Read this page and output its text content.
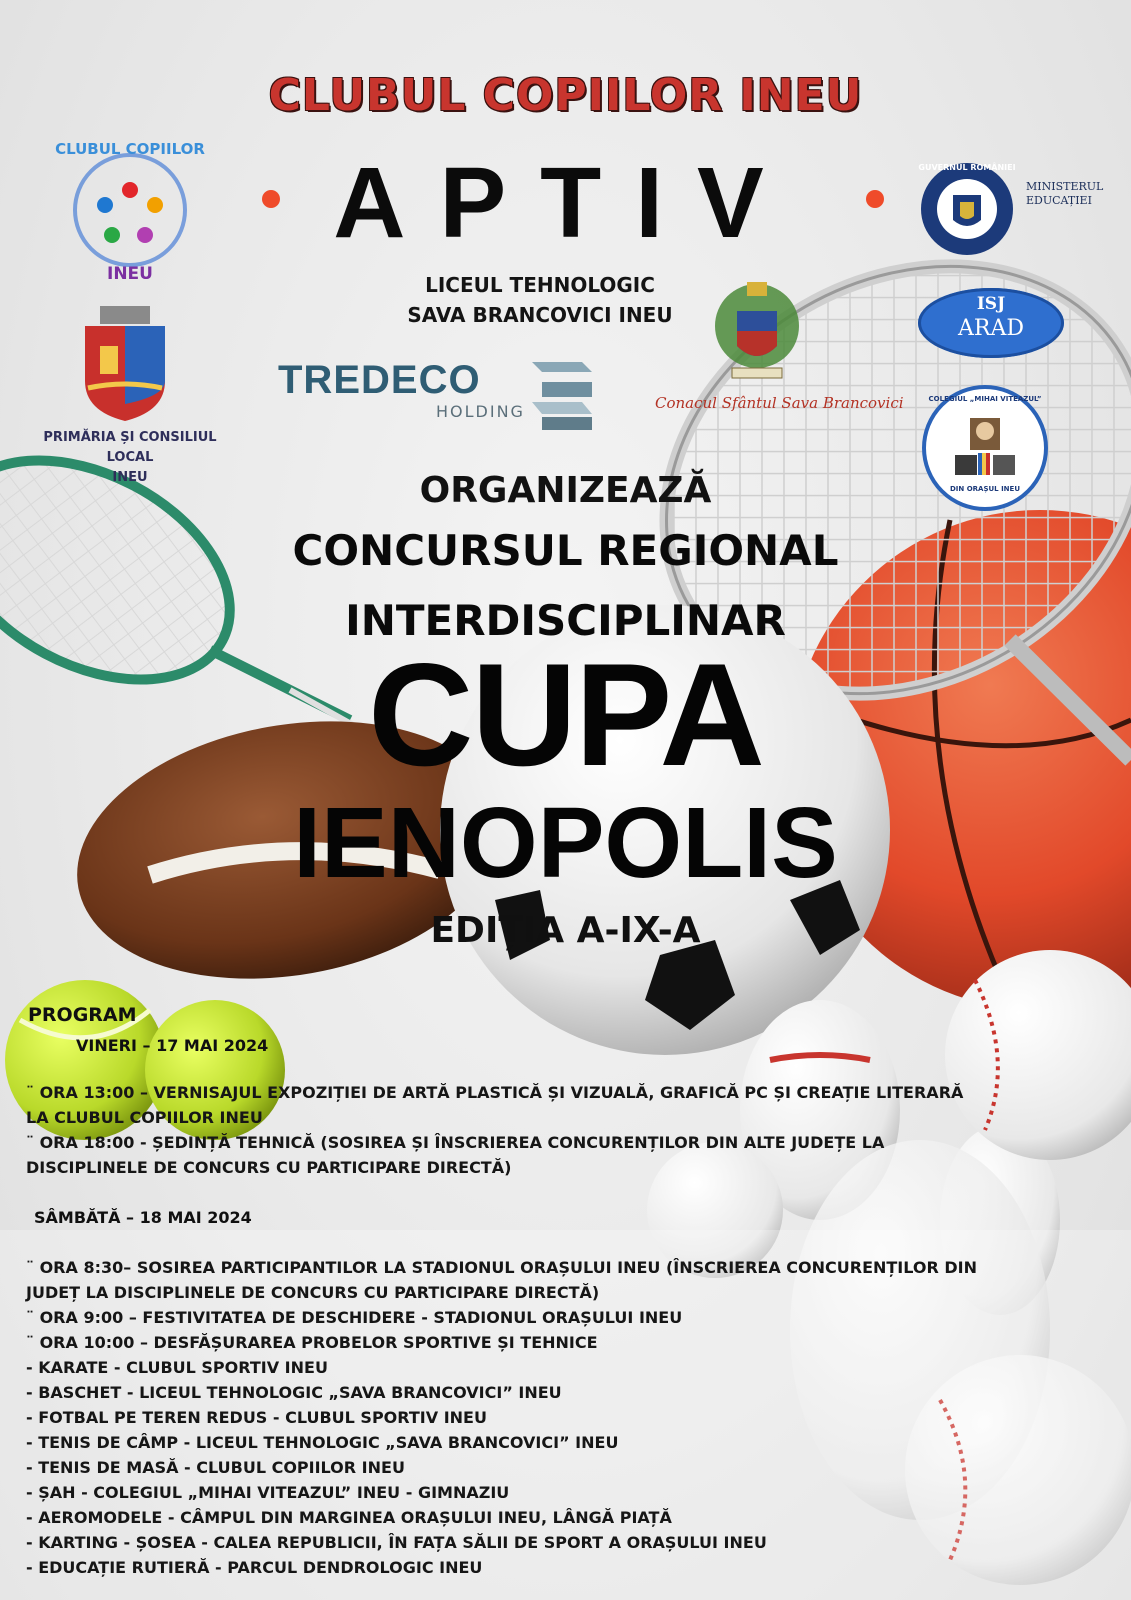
CLUBUL COPIILOR INEU
APTIV
LICEUL TEHNOLOGIC
SAVA BRANCOVICI INEU
CLUBUL COPIILOR
INEU
PRIMĂRIA ȘI CONSILIUL LOCAL
INEU
TREDECO
HOLDING	Conacul Sfântul Sava Brancovici
GUVERNUL ROMÂNIEI
MINISTERUL
EDUCAȚIEI
ISJ
ARAD
COLEGIUL „MIHAI VITEAZUL”
DIN ORAȘUL INEU
ORGANIZEAZĂ
CONCURSUL REGIONAL
INTERDISCIPLINAR
CUPA
IENOPOLIS
EDIȚIA A-IX-A
PROGRAM
VINERI – 17 MAI 2024
¨ ORA 13:00 – VERNISAJUL EXPOZIȚIEI DE ARTĂ PLASTICĂ ȘI VIZUALĂ, GRAFICĂ PC ȘI CREAȚIE LITERARĂ
LA CLUBUL COPIILOR INEU
¨ ORA 18:00 - ȘEDINȚĂ TEHNICĂ (SOSIREA ȘI ÎNSCRIEREA CONCURENȚILOR DIN ALTE JUDEȚE LA
DISCIPLINELE DE CONCURS CU PARTICIPARE DIRECTĂ)
SÂMBĂTĂ – 18 MAI 2024
¨ ORA 8:30– SOSIREA PARTICIPANTILOR LA STADIONUL ORAȘULUI INEU (ÎNSCRIEREA CONCURENȚILOR DIN
JUDEȚ LA DISCIPLINELE DE CONCURS CU PARTICIPARE DIRECTĂ)
¨ ORA 9:00 – FESTIVITATEA DE DESCHIDERE - STADIONUL ORAȘULUI INEU
¨ ORA 10:00 – DESFĂȘURAREA PROBELOR SPORTIVE ȘI TEHNICE
- KARATE - CLUBUL SPORTIV INEU
- BASCHET - LICEUL TEHNOLOGIC „SAVA BRANCOVICI” INEU
- FOTBAL PE TEREN REDUS - CLUBUL SPORTIV INEU
- TENIS DE CÂMP - LICEUL TEHNOLOGIC „SAVA BRANCOVICI” INEU
- TENIS DE MASĂ - CLUBUL COPIILOR INEU
- ȘAH - COLEGIUL „MIHAI VITEAZUL” INEU - GIMNAZIU
- AEROMODELE - CÂMPUL DIN MARGINEA ORAȘULUI INEU, LÂNGĂ PIAȚĂ
- KARTING - ȘOSEA - CALEA REPUBLICII, ÎN FAȚA SĂLII DE SPORT A ORAȘULUI INEU
- EDUCAȚIE RUTIERĂ - PARCUL DENDROLOGIC INEU
